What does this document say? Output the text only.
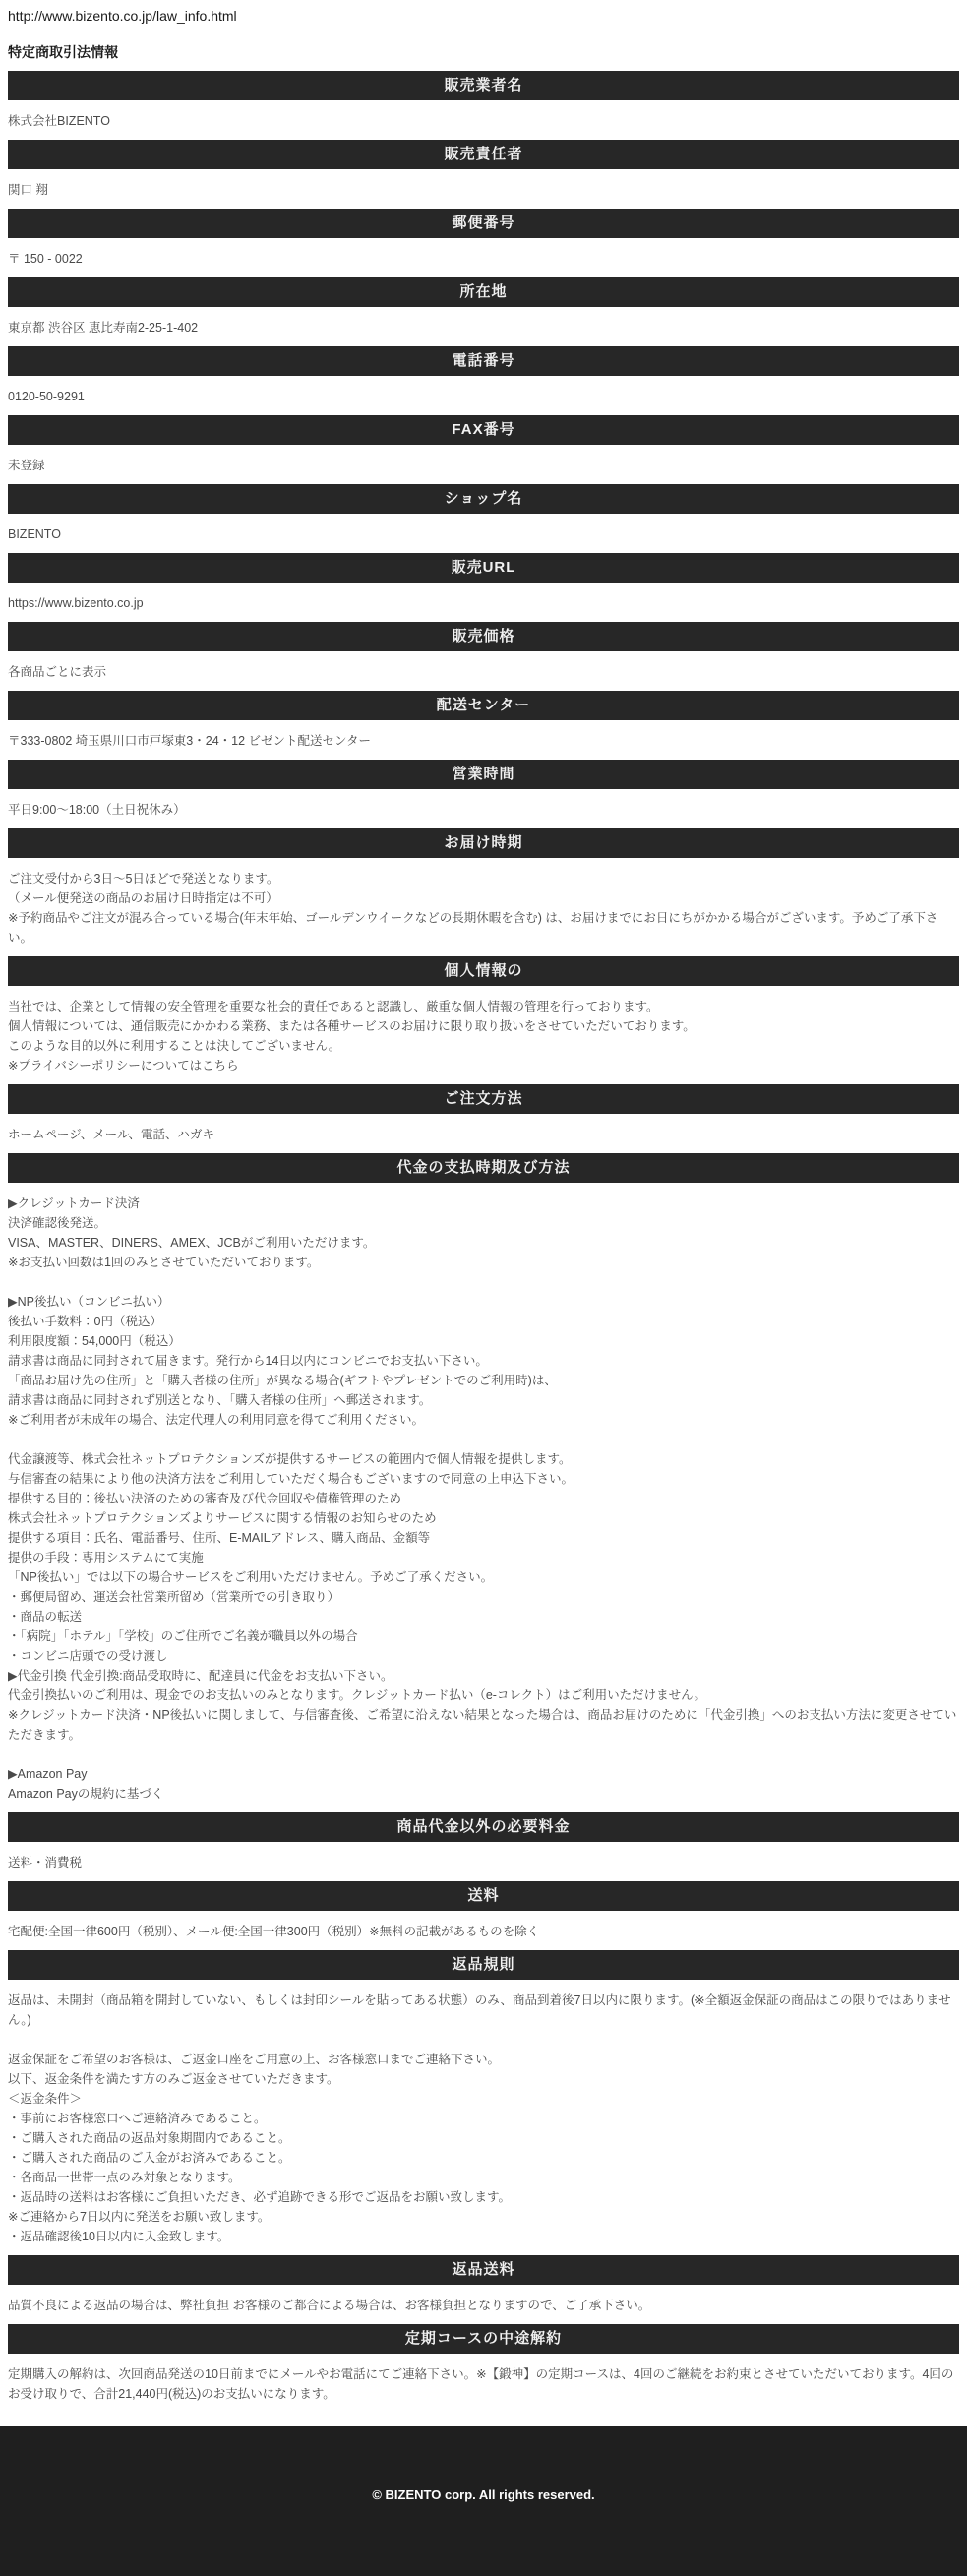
http://www.bizento.co.jp/law_info.html
特定商取引法情報
販売業者名
株式会社BIZENTO
販売責任者
関口 翔
郵便番号
〒 150 - 0022
所在地
東京都 渋谷区 恵比寿南2-25-1-402
電話番号
0120-50-9291
FAX番号
未登録
ショップ名
BIZENTO
販売URL
https://www.bizento.co.jp
販売価格
各商品ごとに表示
配送センター
〒333-0802 埼玉県川口市戸塚東3・24・12 ビゼント配送センター
営業時間
平日9:00〜18:00（土日祝休み）
お届け時期
ご注文受付から3日〜5日ほどで発送となります。
（メール便発送の商品のお届け日時指定は不可）
※予約商品やご注文が混み合っている場合(年末年始、ゴールデンウイークなどの長期休暇を含む) は、お届けまでにお日にちがかかる場合がございます。予めご了承下さい。
個人情報の
当社では、企業として情報の安全管理を重要な社会的責任であると認識し、厳重な個人情報の管理を行っております。
個人情報については、通信販売にかかわる業務、または各種サービスのお届けに限り取り扱いをさせていただいております。
このような目的以外に利用することは決してございません。
※プライバシーポリシーについてはこちら
ご注文方法
ホームページ、メール、電話、ハガキ
代金の支払時期及び方法
▶クレジットカード決済
決済確認後発送。
VISA、MASTER、DINERS、AMEX、JCBがご利用いただけます。
※お支払い回数は1回のみとさせていただいております。
▶NP後払い（コンビニ払い）
後払い手数料：0円（税込）
利用限度額：54,000円（税込）
請求書は商品に同封されて届きます。発行から14日以内にコンビニでお支払い下さい。
「商品お届け先の住所」と「購入者様の住所」が異なる場合(ギフトやプレゼントでのご利用時)は、
請求書は商品に同封されず別送となり、「購入者様の住所」へ郵送されます。
※ご利用者が未成年の場合、法定代理人の利用同意を得てご利用ください。
代金譲渡等、株式会社ネットプロテクションズが提供するサービスの範囲内で個人情報を提供します。
与信審査の結果により他の決済方法をご利用していただく場合もございますので同意の上申込下さい。
提供する目的：後払い決済のための審査及び代金回収や債権管理のため
株式会社ネットプロテクションズよりサービスに関する情報のお知らせのため
提供する項目：氏名、電話番号、住所、E-MAILアドレス、購入商品、金額等
提供の手段：専用システムにて実施
「NP後払い」では以下の場合サービスをご利用いただけません。予めご了承ください。
・郵便局留め、運送会社営業所留め（営業所での引き取り）
・商品の転送
・「病院」「ホテル」「学校」のご住所でご名義が職員以外の場合
・コンビニ店頭での受け渡し
▶代金引換 代金引換:商品受取時に、配達員に代金をお支払い下さい。
代金引換払いのご利用は、現金でのお支払いのみとなります。クレジットカード払い（e-コレクト）はご利用いただけません。
※クレジットカード決済・NP後払いに関しまして、与信審査後、ご希望に沿えない結果となった場合は、商品お届けのために「代金引換」へのお支払い方法に変更させていただきます。
▶Amazon Pay
Amazon Payの規約に基づく
商品代金以外の必要料金
送料・消費税
送料
宅配便:全国一律600円（税別）、メール便:全国一律300円（税別）※無料の記載があるものを除く
返品規則
返品は、未開封（商品箱を開封していない、もしくは封印シールを貼ってある状態）のみ、商品到着後7日以内に限ります。(※全額返金保証の商品はこの限りではありません。)
返金保証をご希望のお客様は、ご返金口座をご用意の上、お客様窓口までご連絡下さい。
以下、返金条件を満たす方のみご返金させていただきます。
＜返金条件＞
・事前にお客様窓口へご連絡済みであること。
・ご購入された商品の返品対象期間内であること。
・ご購入された商品のご入金がお済みであること。
・各商品一世帯一点のみ対象となります。
・返品時の送料はお客様にご負担いただき、必ず追跡できる形でご返品をお願い致します。
※ご連絡から7日以内に発送をお願い致します。
・返品確認後10日以内に入金致します。
返品送料
品質不良による返品の場合は、弊社負担 お客様のご都合による場合は、お客様負担となりますので、ご了承下さい。
定期コースの中途解約
定期購入の解約は、次回商品発送の10日前までにメールやお電話にてご連絡下さい。※【鍛神】の定期コースは、4回のご継続をお約束とさせていただいております。4回のお受け取りで、合計21,440円(税込)のお支払いになります。
© BIZENTO corp. All rights reserved.
